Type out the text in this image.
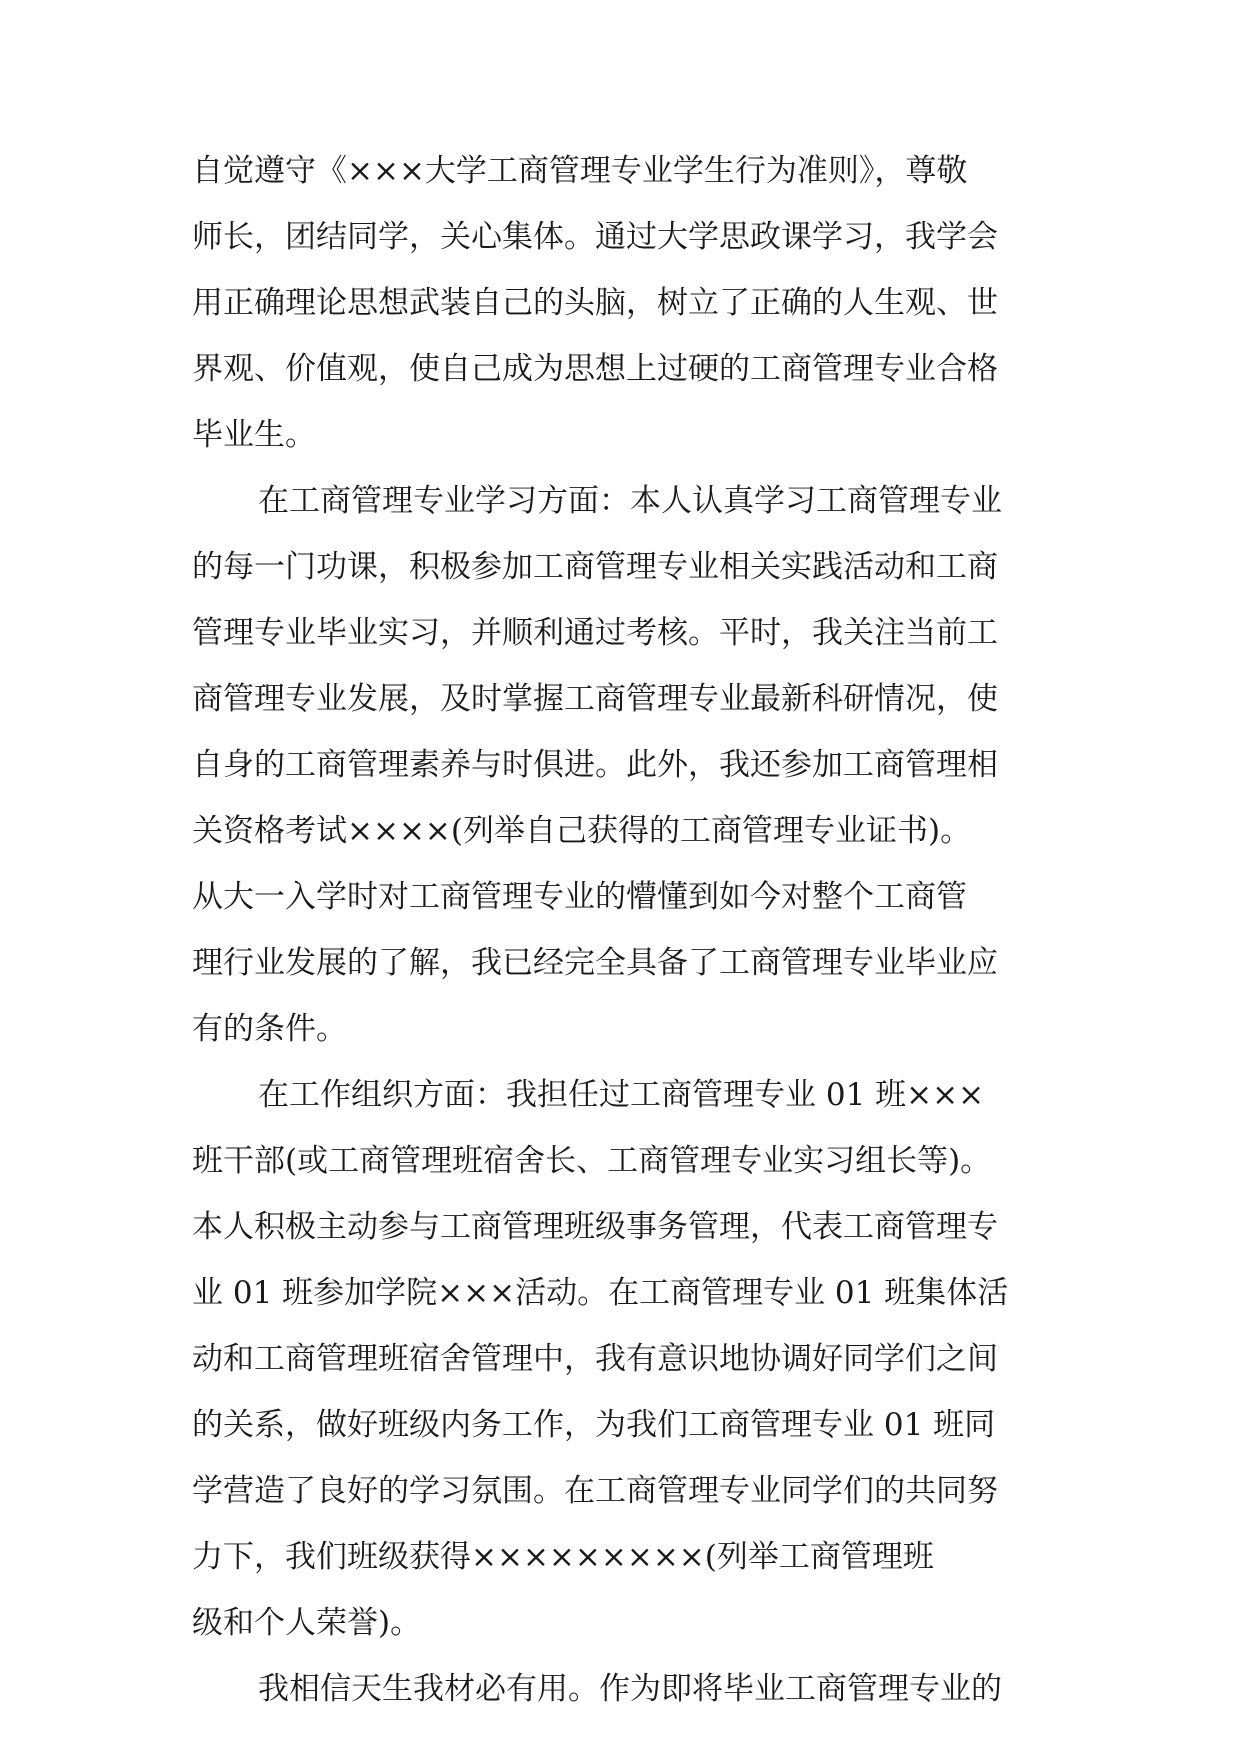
自觉遵守《×××大学工商管理专业学生行为准则》，尊敬

师长，团结同学，关心集体。通过大学思政课学习，我学会

用正确理论思想武装自己的头脑，树立了正确的人生观、世

界观、价值观，使自己成为思想上过硬的工商管理专业合格

毕业生。

在工商管理专业学习方面：本人认真学习工商管理专业

的每一门功课，积极参加工商管理专业相关实践活动和工商

管理专业毕业实习，并顺利通过考核。平时，我关注当前工

商管理专业发展，及时掌握工商管理专业最新科研情况，使

自身的工商管理素养与时俱进。此外，我还参加工商管理相

关资格考试××××(列举自己获得的工商管理专业证书)。

从大一入学时对工商管理专业的懵懂到如今对整个工商管

理行业发展的了解，我已经完全具备了工商管理专业毕业应

有的条件。

在工作组织方面：我担任过工商管理专业 01 班×××

班干部(或工商管理班宿舍长、工商管理专业实习组长等)。

本人积极主动参与工商管理班级事务管理，代表工商管理专

业 01 班参加学院×××活动。在工商管理专业 01 班集体活

动和工商管理班宿舍管理中，我有意识地协调好同学们之间

的关系，做好班级内务工作，为我们工商管理专业 01 班同

学营造了良好的学习氛围。在工商管理专业同学们的共同努

力下，我们班级获得×××××××××(列举工商管理班

级和个人荣誉)。

我相信天生我材必有用。作为即将毕业工商管理专业的
